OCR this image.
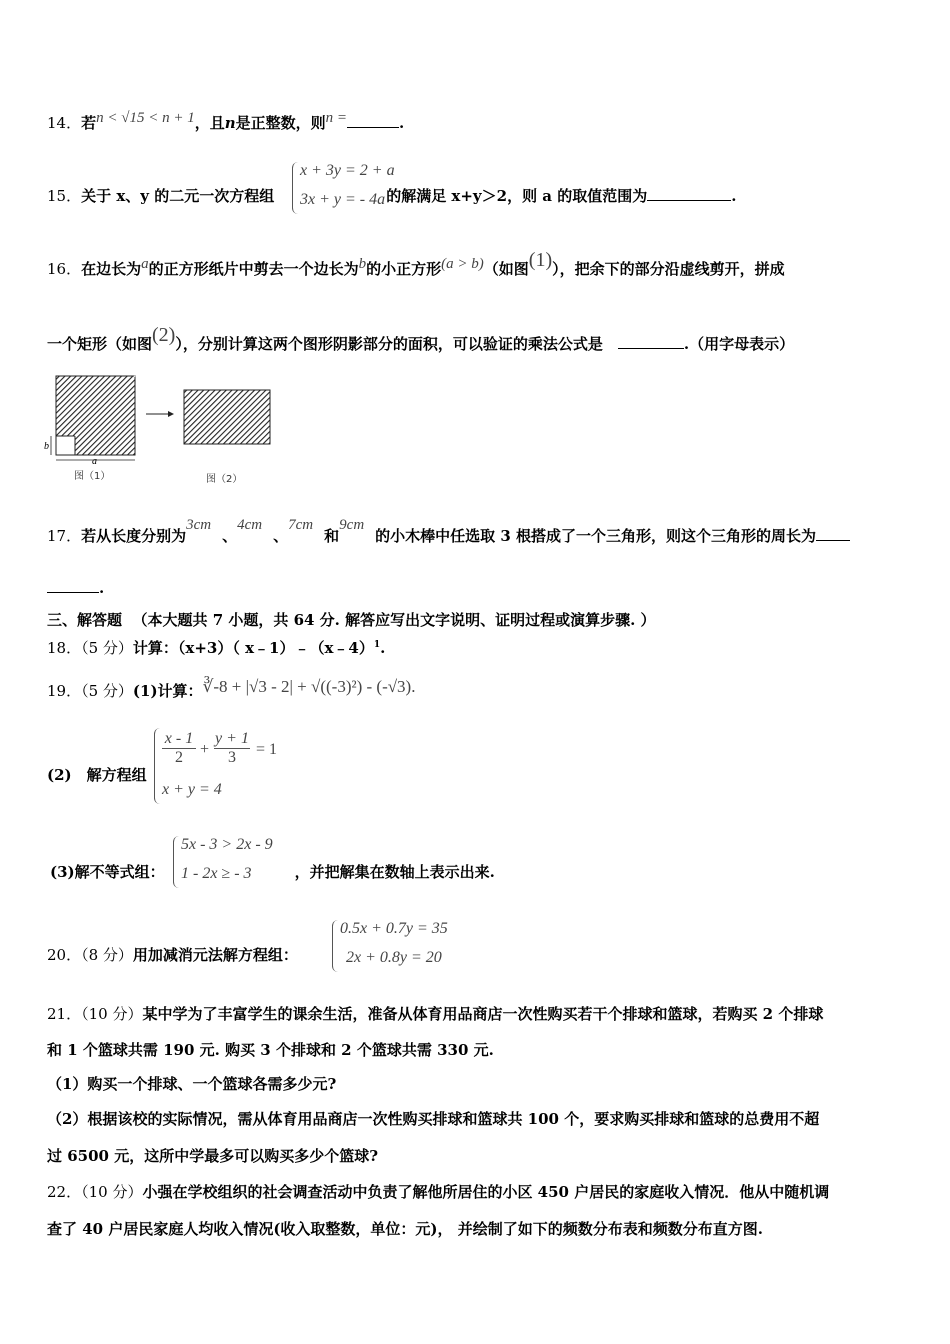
14．若n < √15 < n + 1，且n是正整数，则n =	.
15．关于 x、y 的二元一次方程组	的解满足 x+y＞2，则 a 的取值范围为	.
x + 3y = 2 + a
3x + y = - 4a
16．在边长为a的正方形纸片中剪去一个边长为b的小正方形(a > b)（如图(1)），把余下的部分沿虚线剪开，拼成
一个矩形（如图(2)），分别计算这两个图形阴影部分的面积，可以验证的乘法公式是　	.（用字母表示）
a
b
图（1）	图（2）
17．若从长度分别为3cm、4cm、7cm和9cm的小木棒中任选取 3 根搭成了一个三角形，则这个三角形的周长为
.
三、解答题 （本大题共 7 小题，共 64 分. 解答应写出文字说明、证明过程或演算步骤. ）
18．（5 分）计算：（x+3）（ x﹣1）﹣（x﹣4）$^1$.
19．（5 分）(1)计算：∛-8 + |√3 - 2| + √((-3)²) - (-√3).
(2)　解方程组
$\frac{x - 1}{2} + \frac{y + 1}{3} = 1$
x + y = 4
(3)解不等式组：	，并把解集在数轴上表示出来.
5x - 3 > 2x - 9
1 - 2x ≥ - 3
20．（8 分）用加减消元法解方程组：
0.5x + 0.7y = 35
2x + 0.8y = 20
21．（10 分）某中学为了丰富学生的课余生活，准备从体育用品商店一次性购买若干个排球和篮球，若购买 2 个排球
和 1 个篮球共需 190 元. 购买 3 个排球和 2 个篮球共需 330 元.
（1）购买一个排球、一个篮球各需多少元?
（2）根据该校的实际情况，需从体育用品商店一次性购买排球和篮球共 100 个，要求购买排球和篮球的总费用不超
过 6500 元，这所中学最多可以购买多少个篮球?
22．（10 分）小强在学校组织的社会调查活动中负责了解他所居住的小区 450 户居民的家庭收入情况．他从中随机调
查了 40 户居民家庭人均收入情况(收入取整数，单位：元)， 并绘制了如下的频数分布表和频数分布直方图.
